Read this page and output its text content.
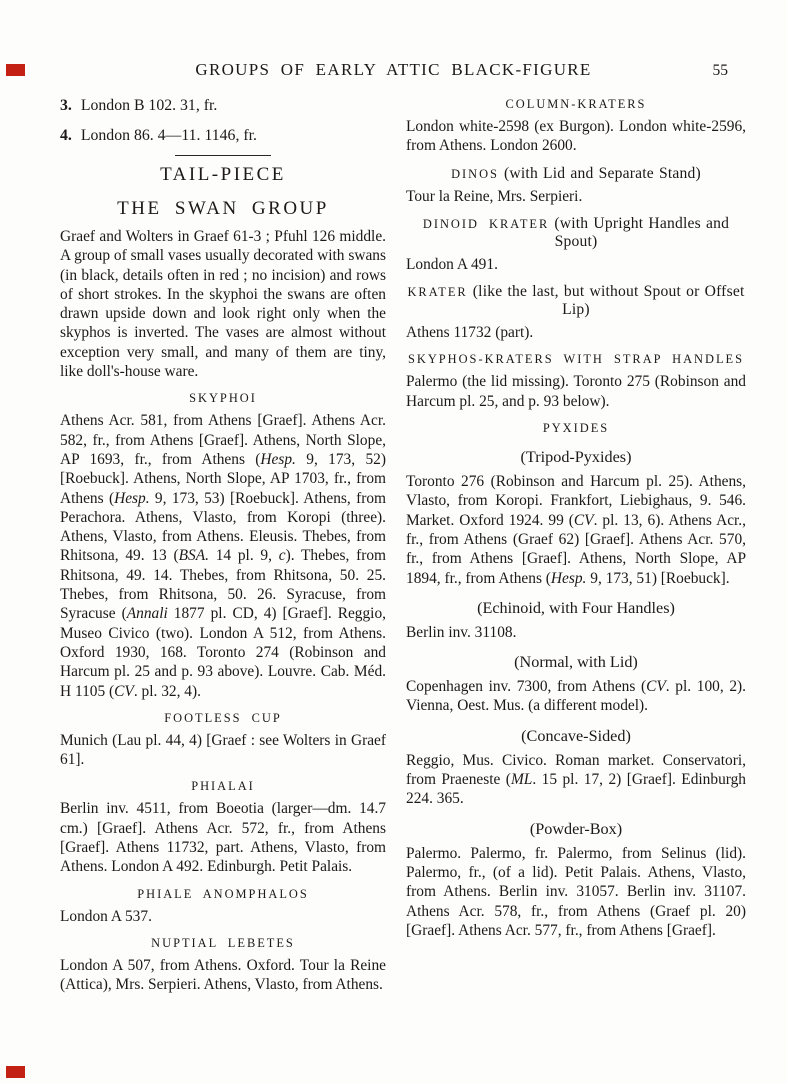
GROUPS OF EARLY ATTIC BLACK-FIGURE	55
3. London B 102. 31, fr.
4. London 86. 4—11. 1146, fr.
TAIL-PIECE
THE SWAN GROUP
Graef and Wolters in Graef 61-3 ; Pfuhl 126 middle. A group of small vases usually decorated with swans (in black, details often in red ; no incision) and rows of short strokes. In the skyphoi the swans are often drawn upside down and look right only when the skyphos is inverted. The vases are almost without exception very small, and many of them are tiny, like doll's-house ware.
SKYPHOI
Athens Acr. 581, from Athens [Graef]. Athens Acr. 582, fr., from Athens [Graef]. Athens, North Slope, AP 1693, fr., from Athens (Hesp. 9, 173, 52) [Roebuck]. Athens, North Slope, AP 1703, fr., from Athens (Hesp. 9, 173, 53) [Roebuck]. Athens, from Perachora. Athens, Vlasto, from Koropi (three). Athens, Vlasto, from Athens. Eleusis. Thebes, from Rhitsona, 49. 13 (BSA. 14 pl. 9, c). Thebes, from Rhitsona, 49. 14. Thebes, from Rhitsona, 50. 25. Thebes, from Rhitsona, 50. 26. Syracuse, from Syracuse (Annali 1877 pl. CD, 4) [Graef]. Reggio, Museo Civico (two). London A 512, from Athens. Oxford 1930, 168. Toronto 274 (Robinson and Harcum pl. 25 and p. 93 above). Louvre. Cab. Méd. H 1105 (CV. pl. 32, 4).
FOOTLESS CUP
Munich (Lau pl. 44, 4) [Graef : see Wolters in Graef 61].
PHIALAI
Berlin inv. 4511, from Boeotia (larger—dm. 14.7 cm.) [Graef]. Athens Acr. 572, fr., from Athens [Graef]. Athens 11732, part. Athens, Vlasto, from Athens. London A 492. Edinburgh. Petit Palais.
PHIALE ANOMPHALOS
London A 537.
NUPTIAL LEBETES
London A 507, from Athens. Oxford. Tour la Reine (Attica), Mrs. Serpieri. Athens, Vlasto, from Athens.
COLUMN-KRATERS
London white-2598 (ex Burgon). London white-2596, from Athens. London 2600.
DINOS (with Lid and Separate Stand)
Tour la Reine, Mrs. Serpieri.
DINOID KRATER (with Upright Handles and Spout)
London A 491.
KRATER (like the last, but without Spout or Offset Lip)
Athens 11732 (part).
SKYPHOS-KRATERS WITH STRAP HANDLES
Palermo (the lid missing). Toronto 275 (Robinson and Harcum pl. 25, and p. 93 below).
PYXIDES
(Tripod-Pyxides)
Toronto 276 (Robinson and Harcum pl. 25). Athens, Vlasto, from Koropi. Frankfort, Liebighaus, 9. 546. Market. Oxford 1924. 99 (CV. pl. 13, 6). Athens Acr., fr., from Athens (Graef 62) [Graef]. Athens Acr. 570, fr., from Athens [Graef]. Athens, North Slope, AP 1894, fr., from Athens (Hesp. 9, 173, 51) [Roebuck].
(Echinoid, with Four Handles)
Berlin inv. 31108.
(Normal, with Lid)
Copenhagen inv. 7300, from Athens (CV. pl. 100, 2). Vienna, Oest. Mus. (a different model).
(Concave-Sided)
Reggio, Mus. Civico. Roman market. Conservatori, from Praeneste (ML. 15 pl. 17, 2) [Graef]. Edinburgh 224. 365.
(Powder-Box)
Palermo. Palermo, fr. Palermo, from Selinus (lid). Palermo, fr., (of a lid). Petit Palais. Athens, Vlasto, from Athens. Berlin inv. 31057. Berlin inv. 31107. Athens Acr. 578, fr., from Athens (Graef pl. 20) [Graef]. Athens Acr. 577, fr., from Athens [Graef].
